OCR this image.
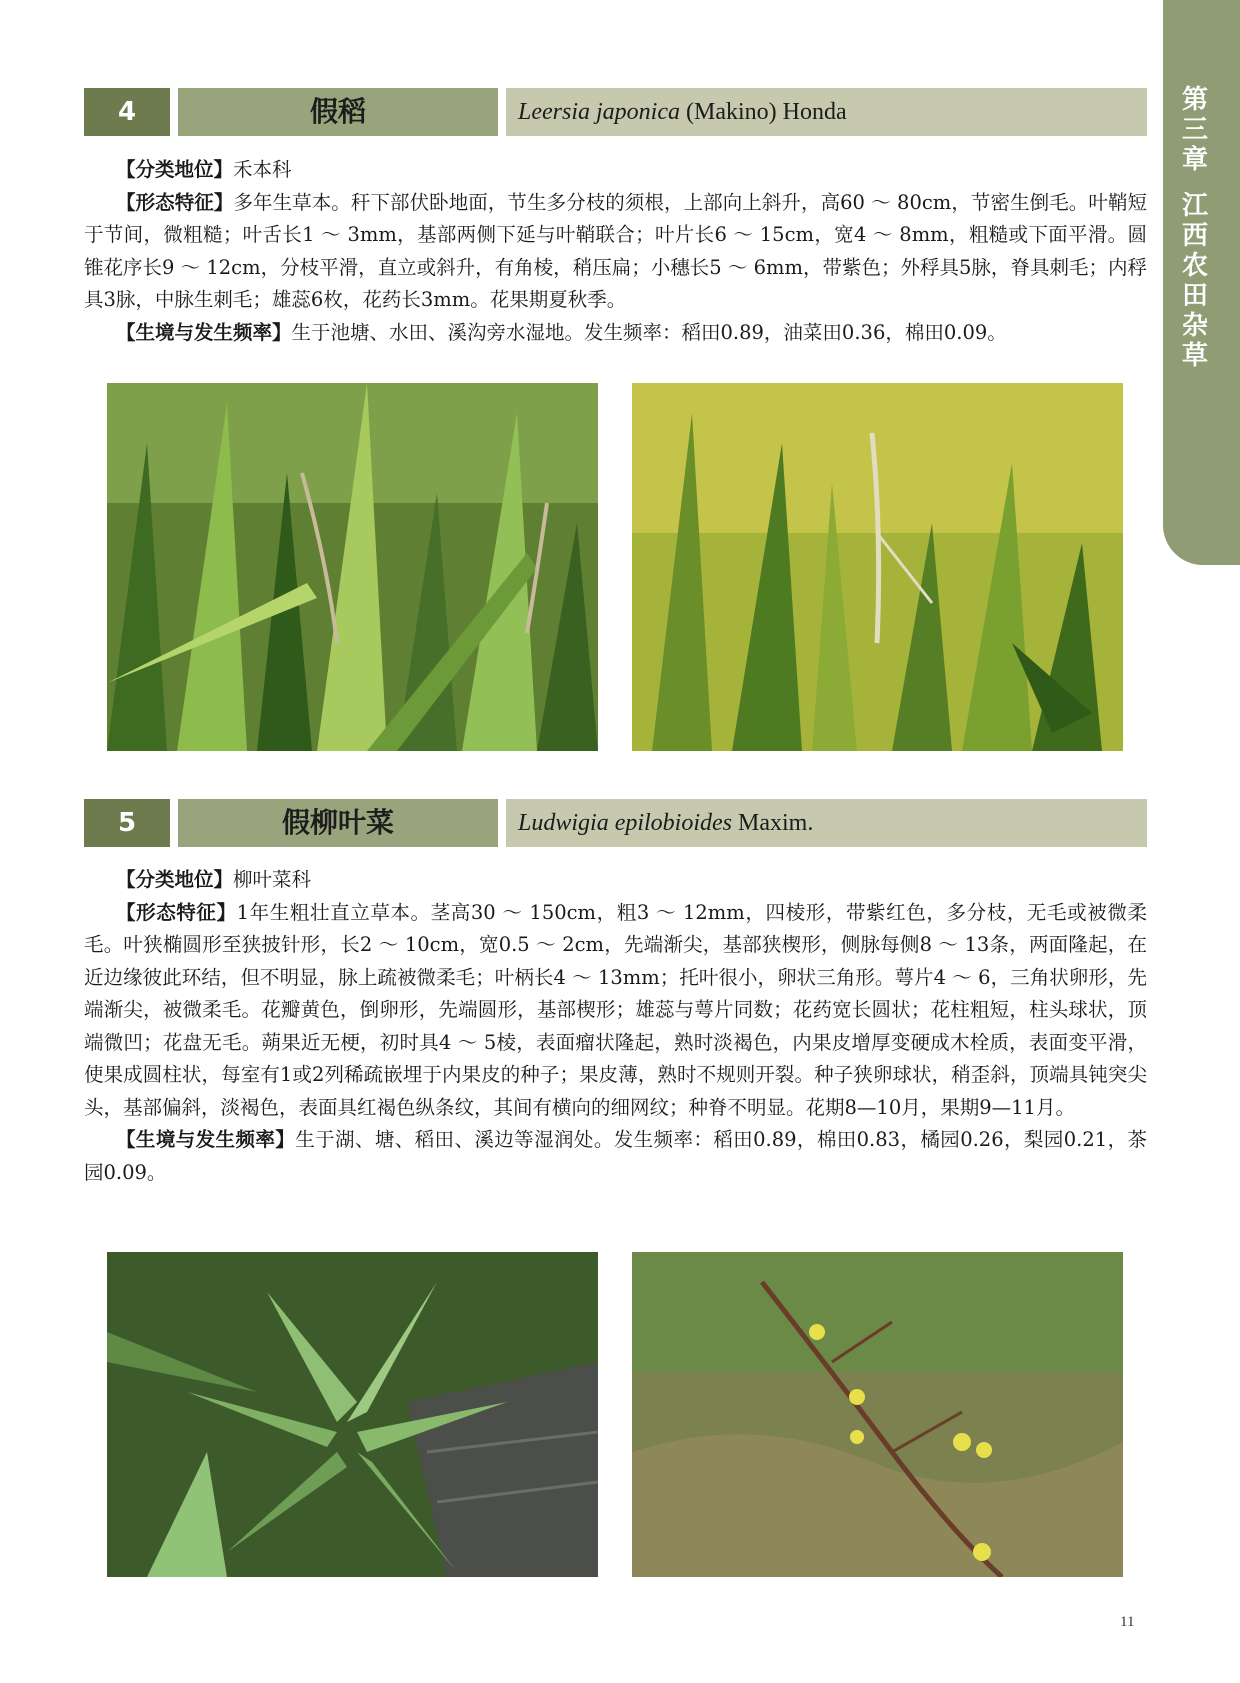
第三章
江西农田杂草
4	假稻	Leersia japonica (Makino) Honda

【分类地位】禾本科

【形态特征】多年生草本。秆下部伏卧地面，节生多分枝的须根，上部向上斜升，高60 ～ 80cm，节密生倒毛。叶鞘短于节间，微粗糙；叶舌长1 ～ 3mm，基部两侧下延与叶鞘联合；叶片长6 ～ 15cm，宽4 ～ 8mm，粗糙或下面平滑。圆锥花序长9 ～ 12cm，分枝平滑，直立或斜升，有角棱，稍压扁；小穗长5 ～ 6mm，带紫色；外稃具5脉，脊具刺毛；内稃具3脉，中脉生刺毛；雄蕊6枚，花药长3mm。花果期夏秋季。

【生境与发生频率】生于池塘、水田、溪沟旁水湿地。发生频率：稻田0.89，油菜田0.36，棉田0.09。

5	假柳叶菜	Ludwigia epilobioides Maxim.

【分类地位】柳叶菜科

【形态特征】1年生粗壮直立草本。茎高30 ～ 150cm，粗3 ～ 12mm，四棱形，带紫红色，多分枝，无毛或被微柔毛。叶狭椭圆形至狭披针形，长2 ～ 10cm，宽0.5 ～ 2cm，先端渐尖，基部狭楔形，侧脉每侧8 ～ 13条，两面隆起，在近边缘彼此环结，但不明显，脉上疏被微柔毛；叶柄长4 ～ 13mm；托叶很小，卵状三角形。萼片4 ～ 6，三角状卵形，先端渐尖，被微柔毛。花瓣黄色，倒卵形，先端圆形，基部楔形；雄蕊与萼片同数；花药宽长圆状；花柱粗短，柱头球状，顶端微凹；花盘无毛。蒴果近无梗，初时具4 ～ 5棱，表面瘤状隆起，熟时淡褐色，内果皮增厚变硬成木栓质，表面变平滑，使果成圆柱状，每室有1或2列稀疏嵌埋于内果皮的种子；果皮薄，熟时不规则开裂。种子狭卵球状，稍歪斜，顶端具钝突尖头，基部偏斜，淡褐色，表面具红褐色纵条纹，其间有横向的细网纹；种脊不明显。花期8—10月，果期9—11月。

【生境与发生频率】生于湖、塘、稻田、溪边等湿润处。发生频率：稻田0.89，棉田0.83，橘园0.26，梨园0.21，茶园0.09。

11
